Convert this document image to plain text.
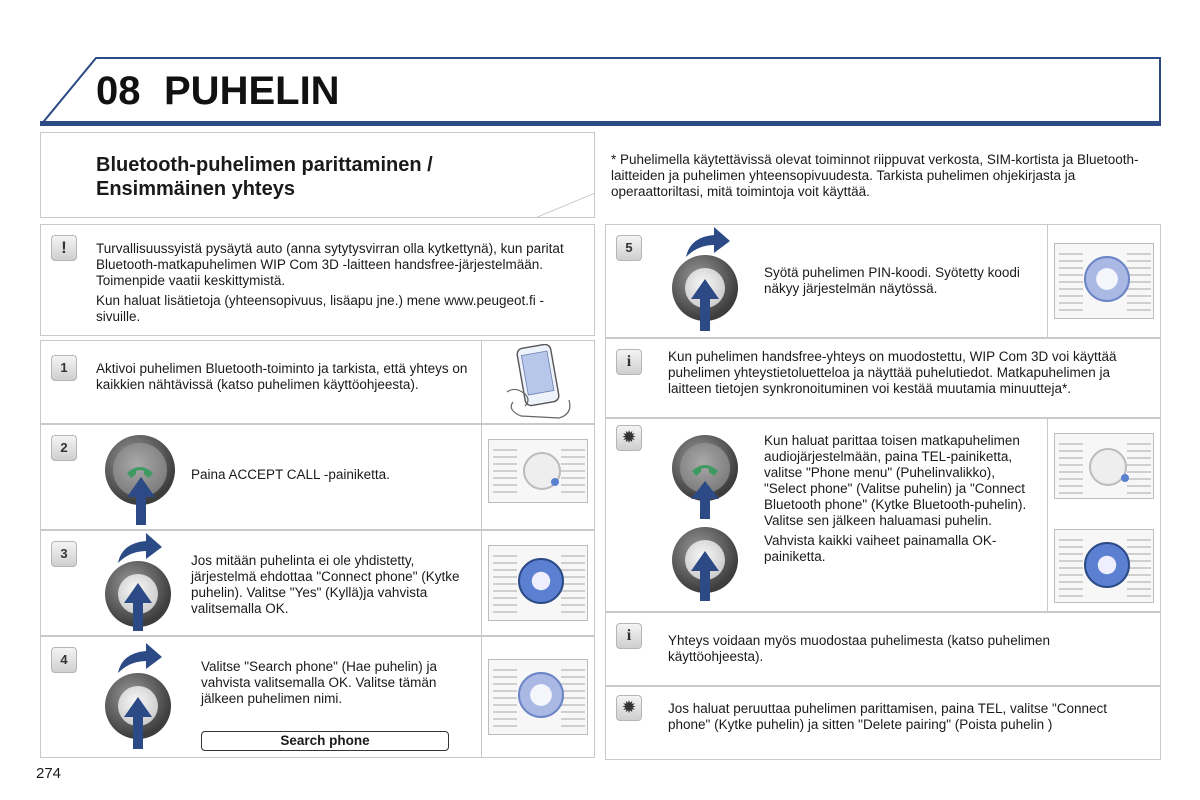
08 PUHELIN
Bluetooth-puhelimen parittaminen /
Ensimmäinen yhteys
* Puhelimella käytettävissä olevat toiminnot riippuvat verkosta, SIM-kortista ja Bluetooth-laitteiden ja puhelimen yhteensopivuudesta. Tarkista puhelimen ohjekirjasta ja operaattoriltasi, mitä toimintoja voit käyttää.
!	Turvallisuussyistä pysäytä auto (anna sytytysvirran olla kytkettynä), kun paritat Bluetooth-matkapuhelimen WIP Com 3D -laitteen handsfree-järjestelmään. Toimenpide vaatii keskittymistä.
Kun haluat lisätietoja (yhteensopivuus, lisäapu jne.) mene www.peugeot.fi -sivuille.
1	Aktivoi puhelimen Bluetooth-toiminto ja tarkista, että yhteys on kaikkien nähtävissä (katso puhelimen käyttöohjeesta).
2
Paina ACCEPT CALL -painiketta.
3	Jos mitään puhelinta ei ole yhdistetty, järjestelmä ehdottaa "Connect phone" (Kytke puhelin). Valitse "Yes" (Kyllä)ja vahvista valitsemalla OK.
4	Valitse "Search phone" (Hae puhelin) ja vahvista valitsemalla OK. Valitse tämän jälkeen puhelimen nimi.
Search phone
274
5
Syötä puhelimen PIN-koodi. Syötetty koodi näkyy järjestelmän näytössä.
i	Kun puhelimen handsfree-yhteys on muodostettu, WIP Com 3D voi käyttää puhelimen yhteystietoluetteloa ja näyttää puhelutiedot. Matkapuhelimen ja laitteen tietojen synkronoituminen voi kestää muutamia minuutteja*.
✹	Kun haluat parittaa toisen matkapuhelimen audiojärjestelmään, paina TEL-painiketta, valitse "Phone menu" (Puhelinvalikko), "Select phone" (Valitse puhelin) ja "Connect Bluetooth phone" (Kytke Bluetooth-puhelin). Valitse sen jälkeen haluamasi puhelin.
Vahvista kaikki vaiheet painamalla OK-painiketta.
i	Yhteys voidaan myös muodostaa puhelimesta (katso puhelimen käyttöohjeesta).
✹	Jos haluat peruuttaa puhelimen parittamisen, paina TEL, valitse "Connect phone" (Kytke puhelin) ja sitten "Delete pairing" (Poista puhelin )
